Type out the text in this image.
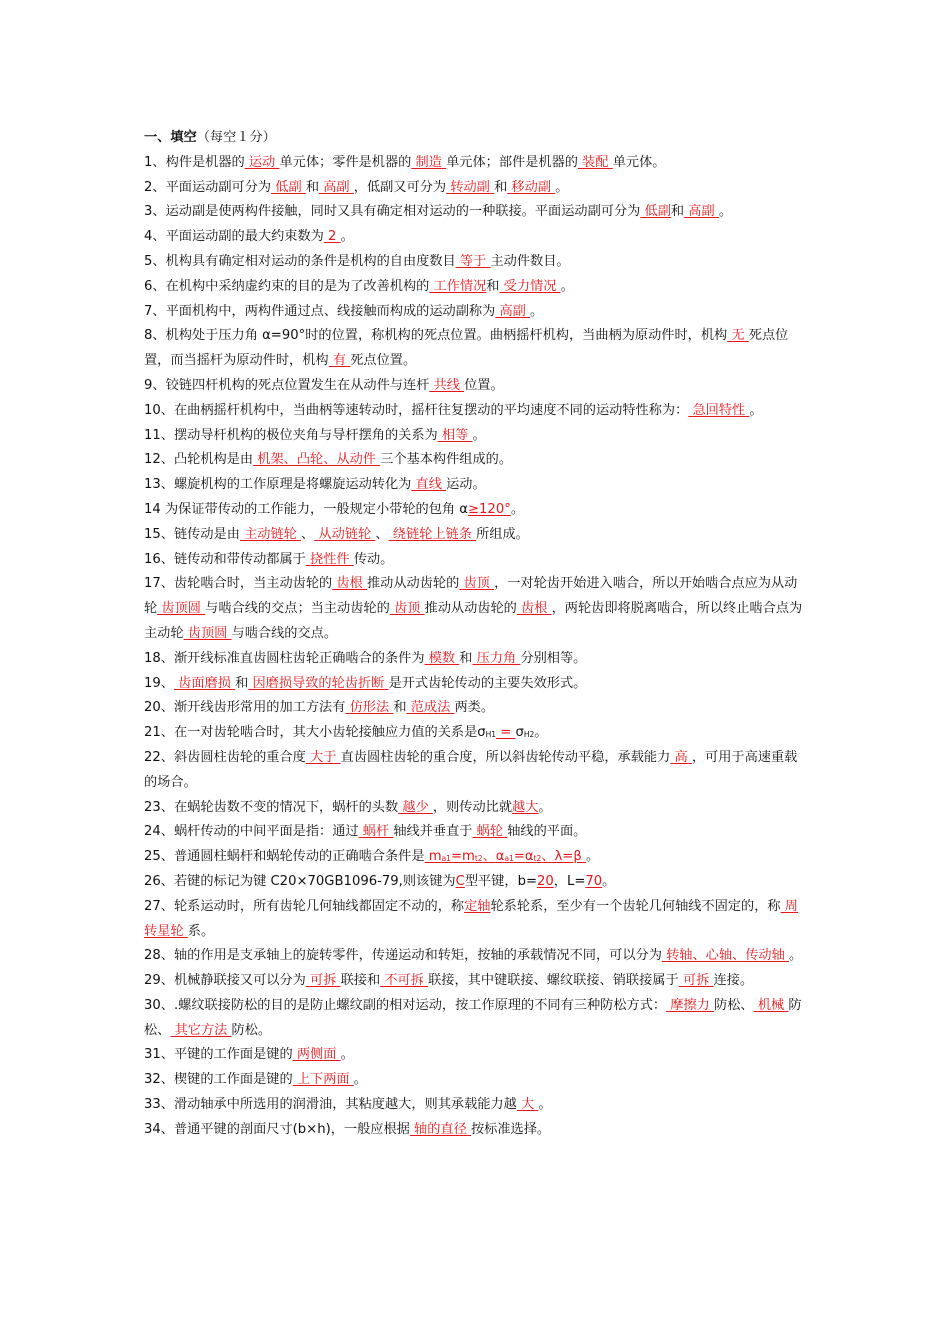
一、填空（每空１分）

1、构件是机器的 运动 单元体；零件是机器的 制造 单元体；部件是机器的 装配 单元体。

2、平面运动副可分为 低副 和 高副 ，低副又可分为 转动副 和 移动副 。

3、运动副是使两构件接触，同时又具有确定相对运动的一种联接。平面运动副可分为 低副和 高副 。

4、平面运动副的最大约束数为 2 。

5、机构具有确定相对运动的条件是机构的自由度数目 等于 主动件数目。

6、在机构中采纳虚约束的目的是为了改善机构的 工作情况和 受力情况 。

7、平面机构中，两构件通过点、线接触而构成的运动副称为 高副 。

8、机构处于压力角 α=90°时的位置，称机构的死点位置。曲柄摇杆机构，当曲柄为原动件时，机构 无 死点位置，而当摇杆为原动件时，机构 有 死点位置。

9、铰链四杆机构的死点位置发生在从动件与连杆 共线 位置。

10、在曲柄摇杆机构中，当曲柄等速转动时，摇杆往复摆动的平均速度不同的运动特性称为： 急回特性 。

11、摆动导杆机构的极位夹角与导杆摆角的关系为 相等 。

12、凸轮机构是由 机架、凸轮、从动件 三个基本构件组成的。

13、螺旋机构的工作原理是将螺旋运动转化为 直线 运动。

14 为保证带传动的工作能力，一般规定小带轮的包角 α≥120°。

15、链传动是由 主动链轮 、 从动链轮 、 绕链轮上链条 所组成。

16、链传动和带传动都属于 挠性件 传动。

17、齿轮啮合时，当主动齿轮的 齿根 推动从动齿轮的 齿顶 ，一对轮齿开始进入啮合，所以开始啮合点应为从动轮 齿顶圆 与啮合线的交点；当主动齿轮的 齿顶 推动从动齿轮的 齿根 ，两轮齿即将脱离啮合，所以终止啮合点为主动轮 齿顶圆 与啮合线的交点。

18、渐开线标准直齿圆柱齿轮正确啮合的条件为 模数 和 压力角 分别相等。

19、 齿面磨损 和 因磨损导致的轮齿折断 是开式齿轮传动的主要失效形式。

20、渐开线齿形常用的加工方法有 仿形法 和 范成法 两类。

21、在一对齿轮啮合时，其大小齿轮接触应力值的关系是$\sigma_{H1} = \sigma_{H2}$。

22、斜齿圆柱齿轮的重合度 大于 直齿圆柱齿轮的重合度，所以斜齿轮传动平稳，承载能力 高 ，可用于高速重载的场合。

23、在蜗轮齿数不变的情况下，蜗杆的头数 越少 ，则传动比就越大。

24、蜗杆传动的中间平面是指：通过 蜗杆 轴线并垂直于 蜗轮 轴线的平面。

25、普通圆柱蜗杆和蜗轮传动的正确啮合条件是 $m_{a1}=m_{t2}$、$\alpha_{a1}=\alpha_{t2}$、λ=β 。

26、若键的标记为键 C20×70GB1096-79,则该键为C型平键，b=20，L=70。

27、轮系运动时，所有齿轮几何轴线都固定不动的，称定轴轮系轮系，至少有一个齿轮几何轴线不固定的，称 周转星轮 系。

28、轴的作用是支承轴上的旋转零件，传递运动和转矩，按轴的承载情况不同，可以分为 转轴、心轴、传动轴 。

29、机械静联接又可以分为 可拆 联接和 不可拆 联接，其中键联接、螺纹联接、销联接属于 可拆 连接。

30、.螺纹联接防松的目的是防止螺纹副的相对运动，按工作原理的不同有三种防松方式： 摩擦力 防松、 机械 防松、 其它方法 防松。

31、平键的工作面是键的 两侧面 。

32、楔键的工作面是键的 上下两面 。

33、滑动轴承中所选用的润滑油，其粘度越大，则其承载能力越 大 。

34、普通平键的剖面尺寸(b×h)，一般应根据 轴的直径 按标准选择。
